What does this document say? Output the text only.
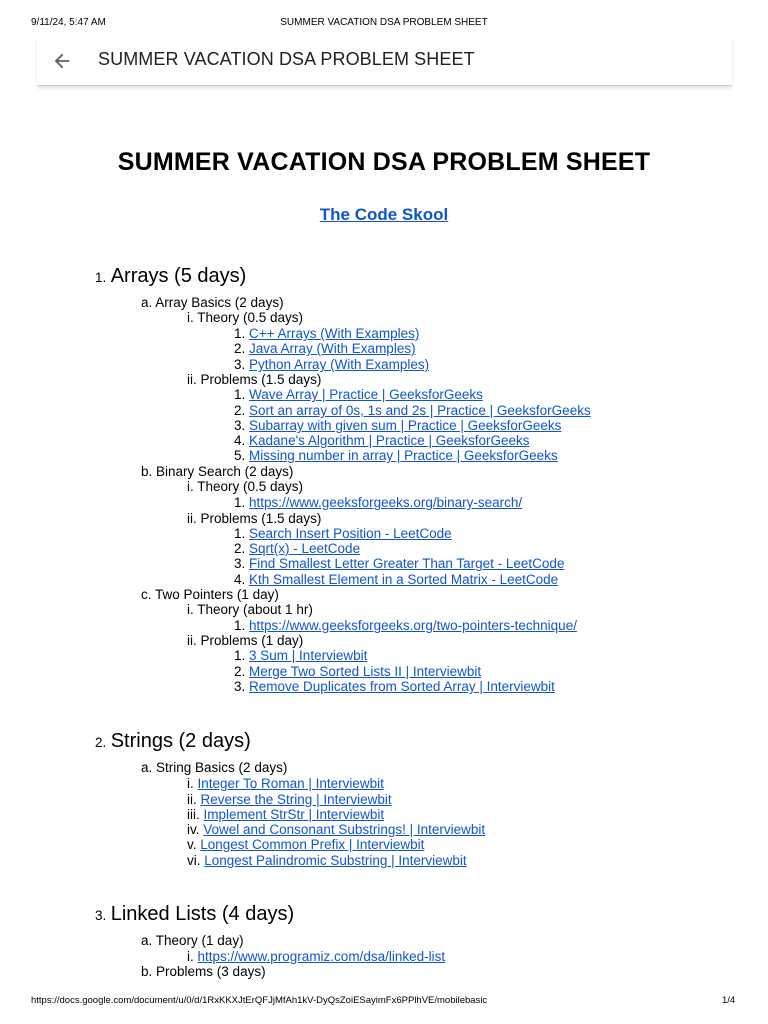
9/11/24, 5:47 AM	SUMMER VACATION DSA PROBLEM SHEET
SUMMER VACATION DSA PROBLEM SHEET
SUMMER VACATION DSA PROBLEM SHEET
The Code Skool
1. Arrays (5 days)
a. Array Basics (2 days)
i. Theory (0.5 days)
1. C++ Arrays (With Examples)
2. Java Array (With Examples)
3. Python Array (With Examples)
ii. Problems (1.5 days)
1. Wave Array | Practice | GeeksforGeeks
2. Sort an array of 0s, 1s and 2s | Practice | GeeksforGeeks
3. Subarray with given sum | Practice | GeeksforGeeks
4. Kadane's Algorithm | Practice | GeeksforGeeks
5. Missing number in array | Practice | GeeksforGeeks
b. Binary Search (2 days)
i. Theory (0.5 days)
1. https://www.geeksforgeeks.org/binary-search/
ii. Problems (1.5 days)
1. Search Insert Position - LeetCode
2. Sqrt(x) - LeetCode
3. Find Smallest Letter Greater Than Target - LeetCode
4. Kth Smallest Element in a Sorted Matrix - LeetCode
c. Two Pointers (1 day)
i. Theory (about 1 hr)
1. https://www.geeksforgeeks.org/two-pointers-technique/
ii. Problems (1 day)
1. 3 Sum | Interviewbit
2. Merge Two Sorted Lists II | Interviewbit
3. Remove Duplicates from Sorted Array | Interviewbit
2. Strings (2 days)
a. String Basics (2 days)
i. Integer To Roman | Interviewbit
ii. Reverse the String | Interviewbit
iii. Implement StrStr | Interviewbit
iv. Vowel and Consonant Substrings! | Interviewbit
v. Longest Common Prefix | Interviewbit
vi. Longest Palindromic Substring | Interviewbit
3. Linked Lists (4 days)
a. Theory (1 day)
i. https://www.programiz.com/dsa/linked-list
b. Problems (3 days)
https://docs.google.com/document/u/0/d/1RxKKXJtErQFJjMfAh1kV-DyQsZoiESayimFx6PPlhVE/mobilebasic	1/4
